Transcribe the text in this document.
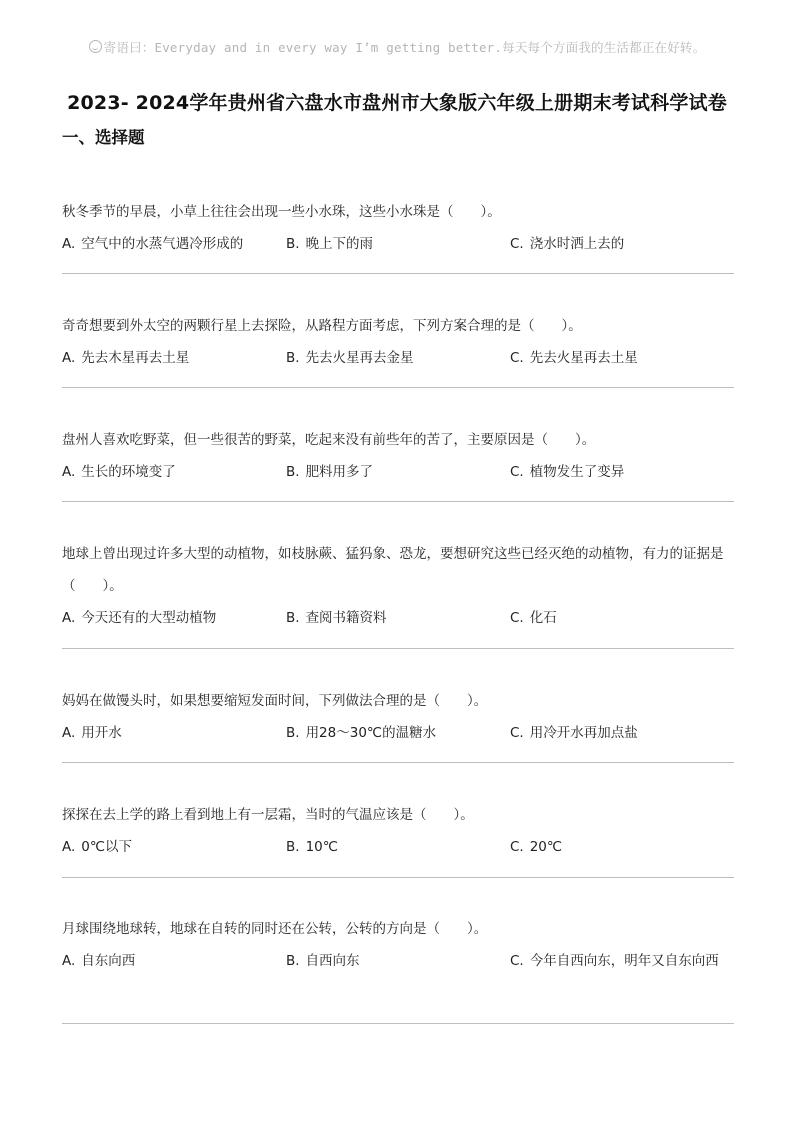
寄语曰：Everyday and in every way I’m getting better.每天每个方面我的生活都正在好转。
2023- 2024学年贵州省六盘水市盘州市大象版六年级上册期末考试科学试卷
一、选择题
秋冬季节的早晨，小草上往往会出现一些小水珠，这些小水珠是（　　）。
A. 空气中的水蒸气遇冷形成的	B. 晚上下的雨	C. 浇水时洒上去的
奇奇想要到外太空的两颗行星上去探险，从路程方面考虑，下列方案合理的是（　　）。
A. 先去木星再去土星	B. 先去火星再去金星	C. 先去火星再去土星
盘州人喜欢吃野菜，但一些很苦的野菜，吃起来没有前些年的苦了，主要原因是（　　）。
A. 生长的环境变了	B. 肥料用多了	C. 植物发生了变异
地球上曾出现过许多大型的动植物，如枝脉蕨、猛犸象、恐龙，要想研究这些已经灭绝的动植物，有力的证据是（　　）。
A. 今天还有的大型动植物	B. 查阅书籍资料	C. 化石
妈妈在做馒头时，如果想要缩短发面时间，下列做法合理的是（　　）。
A. 用开水	B. 用28～30℃的温糖水	C. 用冷开水再加点盐
探探在去上学的路上看到地上有一层霜，当时的气温应该是（　　）。
A. 0℃以下	B. 10℃	C. 20℃
月球围绕地球转，地球在自转的同时还在公转，公转的方向是（　　）。
A. 自东向西	B. 自西向东	C. 今年自西向东，明年又自东向西
